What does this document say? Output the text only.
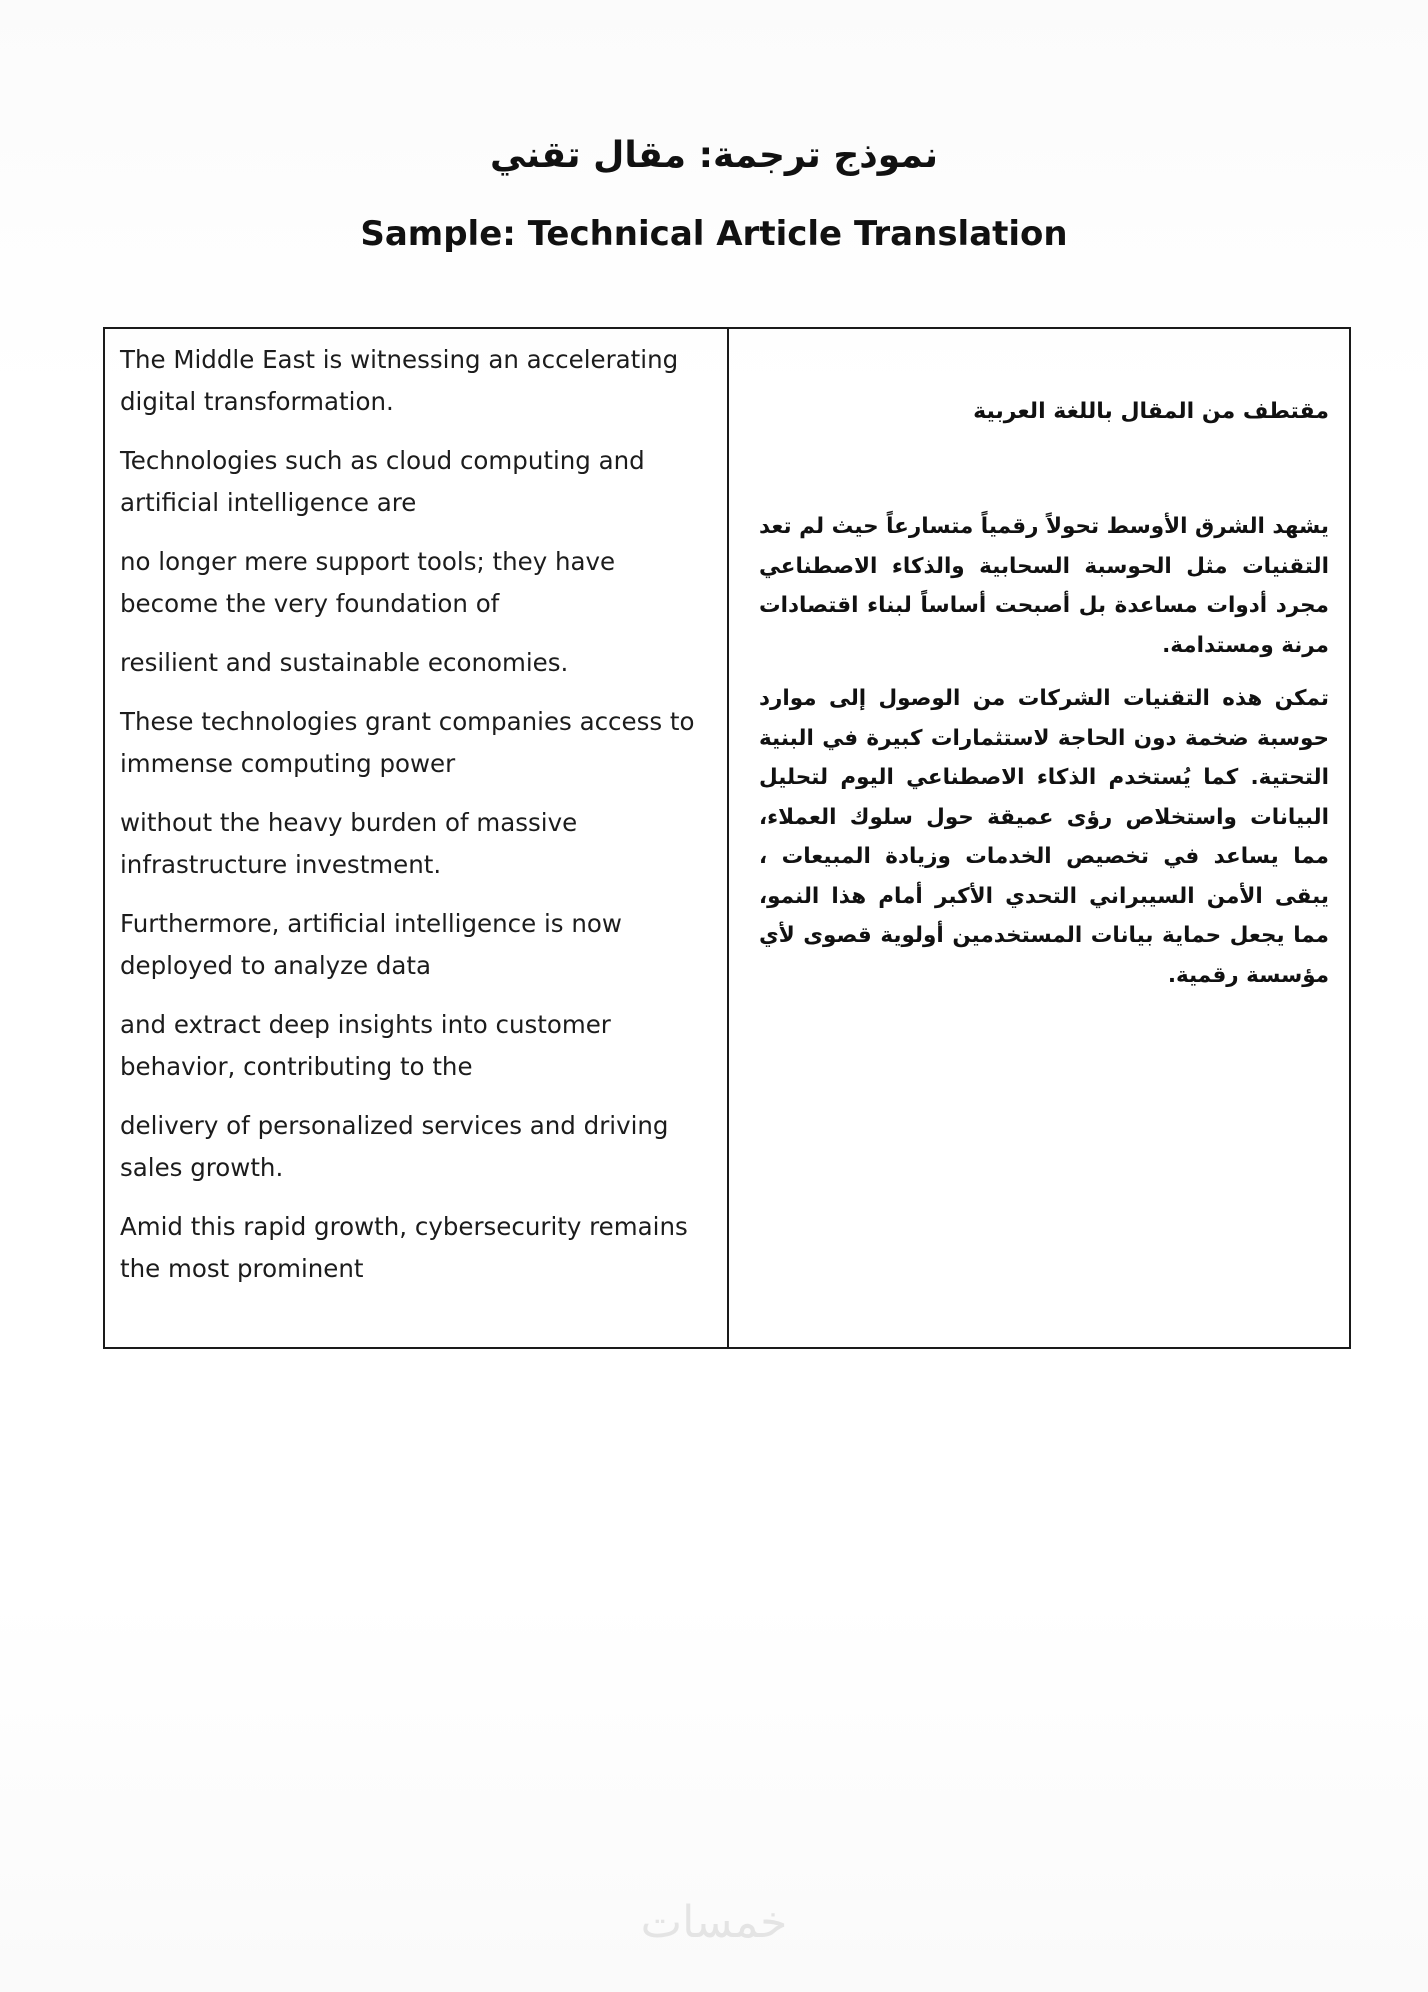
نموذج ترجمة: مقال تقني
Sample: Technical Article Translation

The Middle East is witnessing an accelerating digital transformation.

Technologies such as cloud computing and artificial intelligence are

no longer mere support tools; they have become the very foundation of

resilient and sustainable economies.

These technologies grant companies access to immense computing power

without the heavy burden of massive infrastructure investment.

Furthermore, artificial intelligence is now deployed to analyze data

and extract deep insights into customer behavior, contributing to the

delivery of personalized services and driving sales growth.

Amid this rapid growth, cybersecurity remains the most prominent

مقتطف من المقال باللغة العربية

يشهد الشرق الأوسط تحولاً رقمياً متسارعاً حيث لم تعد التقنيات مثل الحوسبة السحابية والذكاء الاصطناعي مجرد أدوات مساعدة بل أصبحت أساساً لبناء اقتصادات مرنة ومستدامة.

تمكن هذه التقنيات الشركات من الوصول إلى موارد حوسبة ضخمة دون الحاجة لاستثمارات كبيرة في البنية التحتية. كما يُستخدم الذكاء الاصطناعي اليوم لتحليل البيانات واستخلاص رؤى عميقة حول سلوك العملاء، مما يساعد في تخصيص الخدمات وزيادة المبيعات ، يبقى الأمن السيبراني التحدي الأكبر أمام هذا النمو، مما يجعل حماية بيانات المستخدمين أولوية قصوى لأي مؤسسة رقمية.

خمسات
